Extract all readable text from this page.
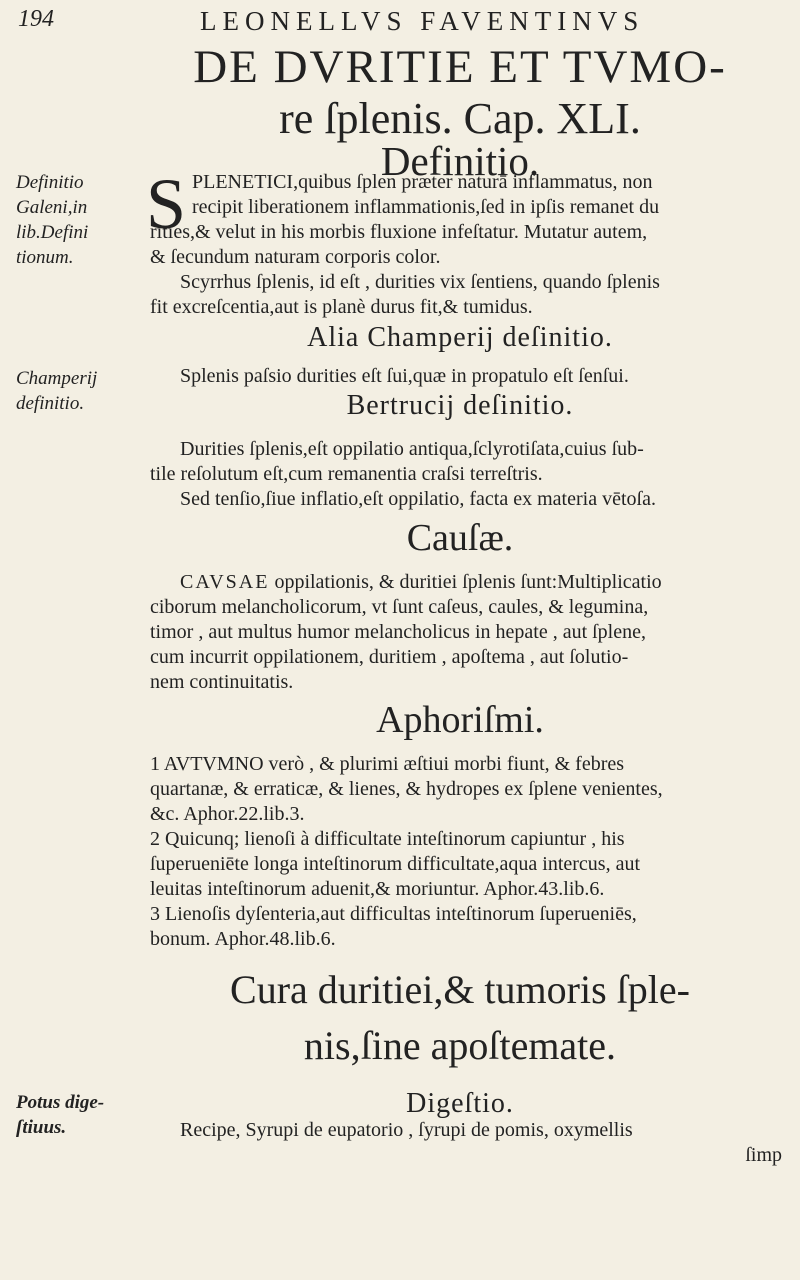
194	LEONELLVS FAVENTINVS
DE DVRITIE ET TVMO-
re ſplenis. Cap. XLI.
Definitio.
Definitio
Galeni,in
lib.Defini
tionum.
S PLENETICI,quibus ſplen præter naturā inflammatus, non
recipit liberationem inflammationis,ſed in ipſis remanet du
rities,& velut in his morbis fluxione infeſtatur. Mutatur autem,
& ſecundum naturam corporis color.
Scyrrhus ſplenis, id eſt , durities vix ſentiens, quando ſplenis
fit excreſcentia,aut is planè durus fit,& tumidus.
Alia Champerij deſinitio.
Champerij
definitio.
Splenis paſsio durities eſt ſui,quæ in propatulo eſt ſenſui.
Bertrucij deſinitio.
Durities ſplenis,eſt oppilatio antiqua,ſclyrotiſata,cuius ſub-
tile reſolutum eſt,cum remanentia craſsi terreſtris.
Sed tenſio,ſiue inflatio,eſt oppilatio, facta ex materia vētoſa.
Cauſæ.
CAVSAE oppilationis, & duritiei ſplenis ſunt:Multiplicatio
ciborum melancholicorum, vt ſunt caſeus, caules, & legumina,
timor , aut multus humor melancholicus in hepate , aut ſplene,
cum incurrit oppilationem, duritiem , apoſtema , aut ſolutio-
nem continuitatis.
Aphoriſmi.
1 AVTVMNO verò , & plurimi æſtiui morbi fiunt, & febres
quartanæ, & erraticæ, & lienes, & hydropes ex ſplene venientes,
&c. Aphor.22.lib.3.
2 Quicunq; lienoſi à difficultate inteſtinorum capiuntur , his
ſuperueniēte longa inteſtinorum difficultate,aqua intercus, aut
leuitas inteſtinorum aduenit,& moriuntur. Aphor.43.lib.6.
3 Lienoſis dyſenteria,aut difficultas inteſtinorum ſuperueniēs,
bonum. Aphor.48.lib.6.
Cura duritiei,& tumoris ſple-
nis,ſine apoſtemate.
Potus dige-
ſtiuus.
Digeſtio.
Recipe, Syrupi de eupatorio , ſyrupi de pomis, oxymellis
ſimp
